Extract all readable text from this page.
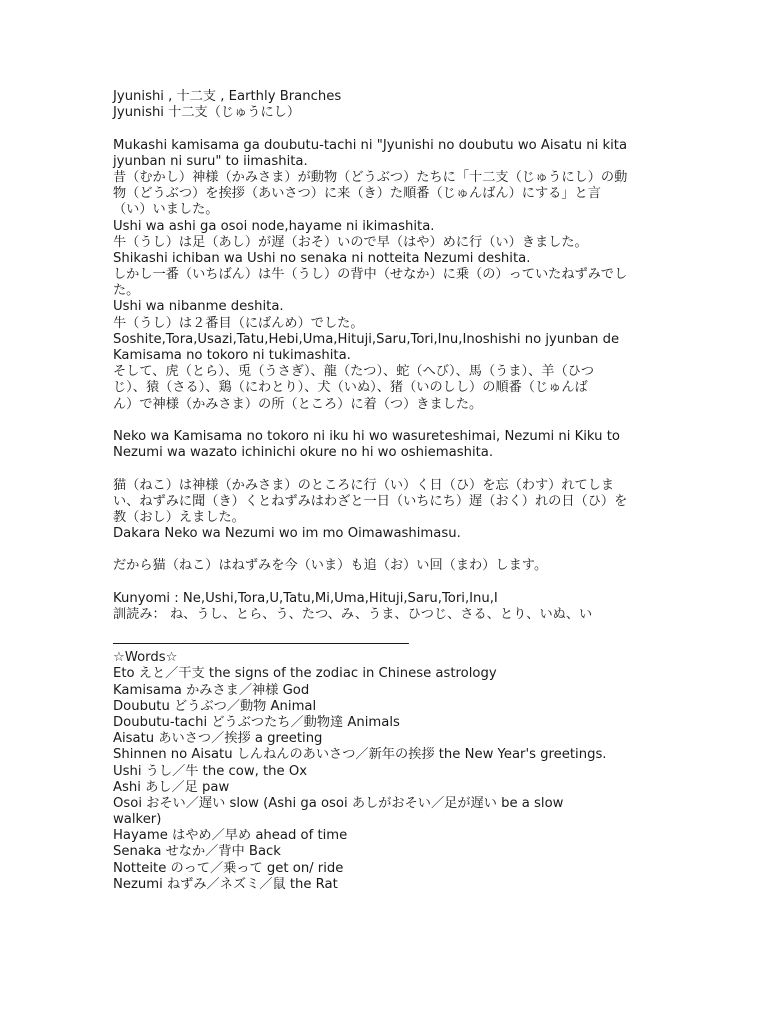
Jyunishi , 十二支 , Earthly Branches
Jyunishi 十二支（じゅうにし）
Mukashi kamisama ga doubutu-tachi ni "Jyunishi no doubutu wo Aisatu ni kita
jyunban ni suru" to iimashita.
昔（むかし）神様（かみさま）が動物（どうぶつ）たちに「十二支（じゅうにし）の動
物（どうぶつ）を挨拶（あいさつ）に来（き）た順番（じゅんばん）にする」と言
（い）いました。
Ushi wa ashi ga osoi node,hayame ni ikimashita.
牛（うし）は足（あし）が遅（おそ）いので早（はや）めに行（い）きました。
Shikashi ichiban wa Ushi no senaka ni notteita Nezumi deshita.
しかし一番（いちばん）は牛（うし）の背中（せなか）に乗（の）っていたねずみでし
た。
Ushi wa nibanme deshita.
牛（うし）は２番目（にばんめ）でした。
Soshite,Tora,Usazi,Tatu,Hebi,Uma,Hituji,Saru,Tori,Inu,Inoshishi no jyunban de
Kamisama no tokoro ni tukimashita.
そして、虎（とら）、兎（うさぎ）、龍（たつ）、蛇（へび）、馬（うま）、羊（ひつ
じ）、猿（さる）、鶏（にわとり）、犬（いぬ）、猪（いのしし）の順番（じゅんば
ん）で神様（かみさま）の所（ところ）に着（つ）きました。
Neko wa Kamisama no tokoro ni iku hi wo wasureteshimai, Nezumi ni Kiku to
Nezumi wa wazato ichinichi okure no hi wo oshiemashita.
猫（ねこ）は神様（かみさま）のところに行（い）く日（ひ）を忘（わす）れてしま
い、ねずみに聞（き）くとねずみはわざと一日（いちにち）遅（おく）れの日（ひ）を
教（おし）えました。
Dakara Neko wa Nezumi wo im mo Oimawashimasu.
だから猫（ねこ）はねずみを今（いま）も追（お）い回（まわ）します。
Kunyomi : Ne,Ushi,Tora,U,Tatu,Mi,Uma,Hituji,Saru,Tori,Inu,I
訓読み： ね、うし、とら、う、たつ、み、うま、ひつじ、さる、とり、いぬ、い
☆Words☆
Eto えと／干支 the signs of the zodiac in Chinese astrology
Kamisama かみさま／神様 God
Doubutu どうぶつ／動物 Animal
Doubutu-tachi どうぶつたち／動物達 Animals
Aisatu あいさつ／挨拶 a greeting
Shinnen no Aisatu しんねんのあいさつ／新年の挨拶 the New Year's greetings.
Ushi うし／牛 the cow, the Ox
Ashi あし／足 paw
Osoi おそい／遅い slow (Ashi ga osoi あしがおそい／足が遅い be a slow
walker)
Hayame はやめ／早め ahead of time
Senaka せなか／背中 Back
Notteite のって／乗って get on/ ride
Nezumi ねずみ／ネズミ／鼠 the Rat
